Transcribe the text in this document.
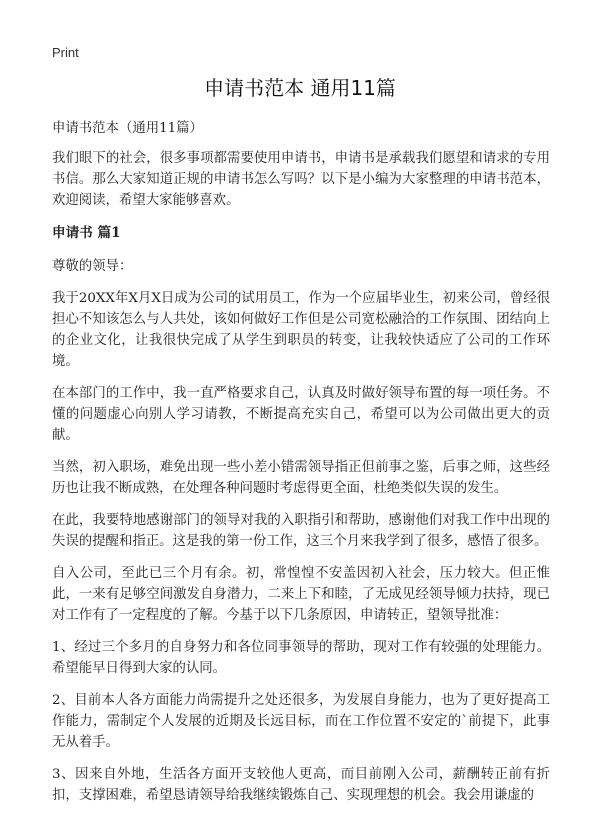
Print
申请书范本 通用11篇

申请书范本（通用11篇）

我们眼下的社会，很多事项都需要使用申请书，申请书是承载我们愿望和请求的专用书信。那么大家知道正规的申请书怎么写吗？以下是小编为大家整理的申请书范本，欢迎阅读，希望大家能够喜欢。

申请书 篇1

尊敬的领导：

我于20XX年X月X日成为公司的试用员工，作为一个应届毕业生，初来公司，曾经很担心不知该怎么与人共处，该如何做好工作但是公司宽松融洽的工作氛围、团结向上的企业文化，让我很快完成了从学生到职员的转变，让我较快适应了公司的工作环境。

在本部门的工作中，我一直严格要求自己，认真及时做好领导布置的每一项任务。不懂的问题虚心向别人学习请教，不断提高充实自己，希望可以为公司做出更大的贡献。

当然，初入职场，难免出现一些小差小错需领导指正但前事之鉴，后事之师，这些经历也让我不断成熟，在处理各种问题时考虑得更全面，杜绝类似失误的发生。

在此，我要特地感谢部门的领导对我的入职指引和帮助，感谢他们对我工作中出现的失误的提醒和指正。这是我的第一份工作，这三个月来我学到了很多，感悟了很多。

自入公司，至此已三个月有余。初，常惶惶不安盖因初入社会，压力较大。但正惟此，一来有足够空间激发自身潜力，二来上下和睦，了无成见经领导倾力扶持，现已对工作有了一定程度的了解。今基于以下几条原因，申请转正，望领导批准：

1、经过三个多月的自身努力和各位同事领导的帮助，现对工作有较强的处理能力。希望能早日得到大家的认同。

2、目前本人各方面能力尚需提升之处还很多，为发展自身能力，也为了更好提高工作能力，需制定个人发展的近期及长远目标，而在工作位置不安定的`前提下，此事无从着手。

3、因来自外地，生活各方面开支较他人更高，而目前刚入公司，薪酬转正前有折扣，支撑困难，希望恳请领导给我继续锻炼自己、实现理想的机会。我会用谦虚的
